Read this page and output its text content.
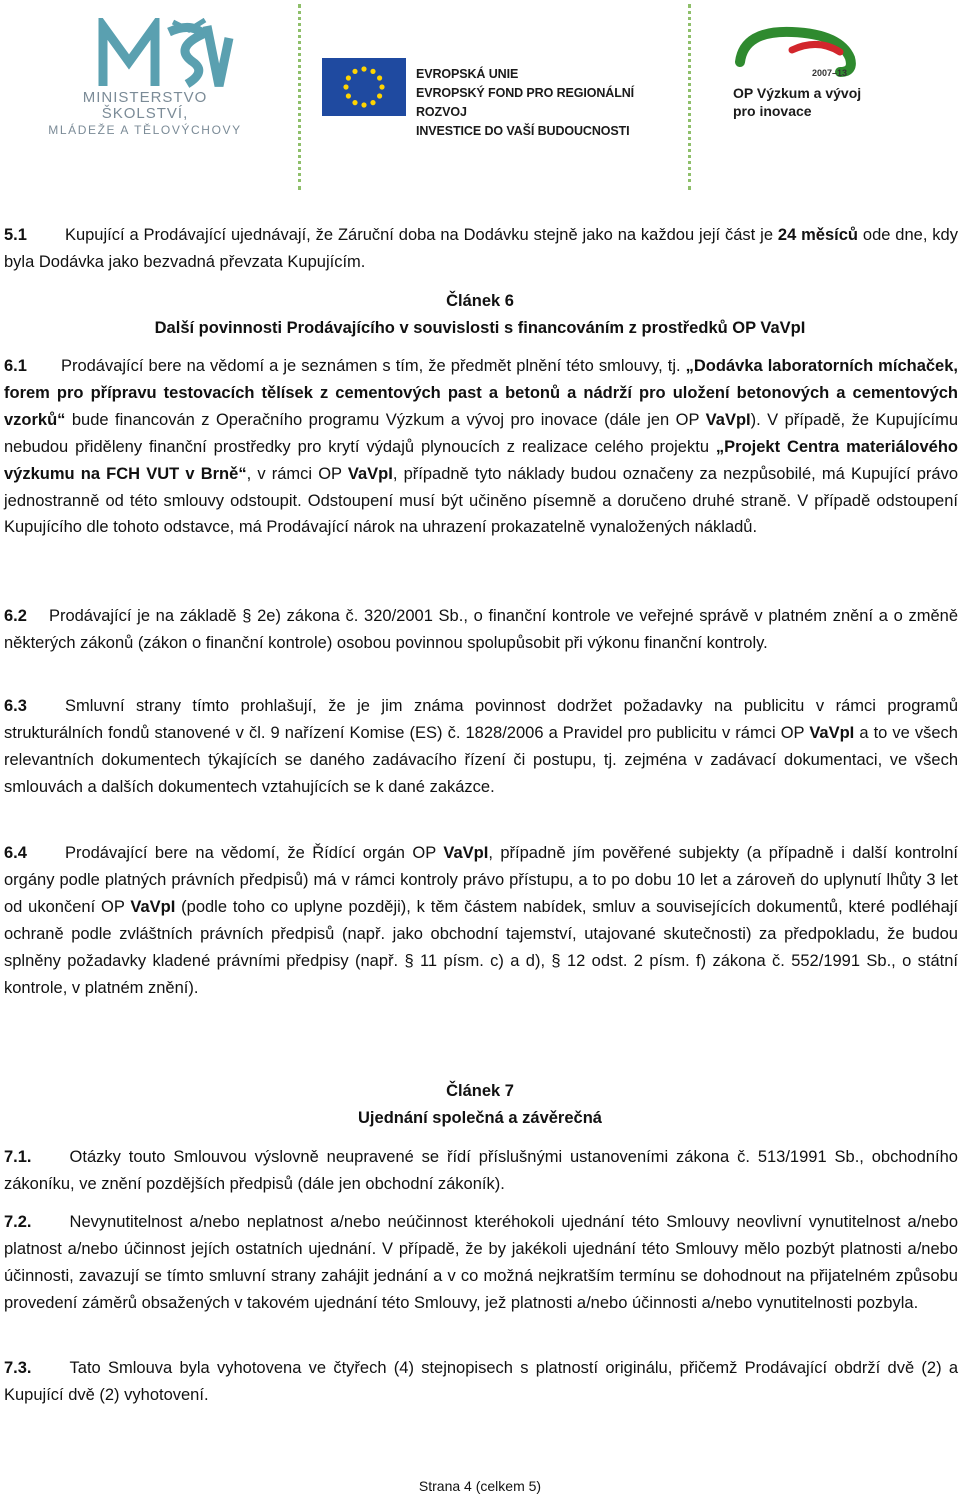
MINISTERSTVO ŠKOLSTVÍ,
MLÁDEŽE A TĚLOVÝCHOVY
EVROPSKÁ UNIE
EVROPSKÝ FOND PRO REGIONÁLNÍ ROZVOJ
INVESTICE DO VAŠÍ BUDOUCNOSTI
2007–13
OP Výzkum a vývoj
pro inovace

5.1 Kupující a Prodávající ujednávají, že Záruční doba na Dodávku stejně jako na každou její část je 24 měsíců ode dne, kdy byla Dodávka jako bezvadná převzata Kupujícím.

Článek 6
Další povinnosti Prodávajícího v souvislosti s financováním z prostředků OP VaVpI

6.1 Prodávající bere na vědomí a je seznámen s tím, že předmět plnění této smlouvy, tj. „Dodávka laboratorních míchaček, forem pro přípravu testovacích tělísek z cementových past a betonů a nádrží pro uložení betonových a cementových vzorků“ bude financován z Operačního programu Výzkum a vývoj pro inovace (dále jen OP VaVpI). V případě, že Kupujícímu nebudou přiděleny finanční prostředky pro krytí výdajů plynoucích z realizace celého projektu „Projekt Centra materiálového výzkumu na FCH VUT v Brně“, v rámci OP VaVpI, případně tyto náklady budou označeny za nezpůsobilé, má Kupující právo jednostranně od této smlouvy odstoupit. Odstoupení musí být učiněno písemně a doručeno druhé straně. V případě odstoupení Kupujícího dle tohoto odstavce, má Prodávající nárok na uhrazení prokazatelně vynaložených nákladů.

6.2 Prodávající je na základě § 2e) zákona č. 320/2001 Sb., o finanční kontrole ve veřejné správě v platném znění a o změně některých zákonů (zákon o finanční kontrole) osobou povinnou spolupůsobit při výkonu finanční kontroly.

6.3 Smluvní strany tímto prohlašují, že je jim známa povinnost dodržet požadavky na publicitu v rámci programů strukturálních fondů stanovené v čl. 9 nařízení Komise (ES) č. 1828/2006 a Pravidel pro publicitu v rámci OP VaVpI a to ve všech relevantních dokumentech týkajících se daného zadávacího řízení či postupu, tj. zejména v zadávací dokumentaci, ve všech smlouvách a dalších dokumentech vztahujících se k dané zakázce.

6.4 Prodávající bere na vědomí, že Řídící orgán OP VaVpI, případně jím pověřené subjekty (a případně i další kontrolní orgány podle platných právních předpisů) má v rámci kontroly právo přístupu, a to po dobu 10 let a zároveň do uplynutí lhůty 3 let od ukončení OP VaVpI (podle toho co uplyne později), k těm částem nabídek, smluv a souvisejících dokumentů, které podléhají ochraně podle zvláštních právních předpisů (např. jako obchodní tajemství, utajované skutečnosti) za předpokladu, že budou splněny požadavky kladené právními předpisy (např. § 11 písm. c) a d), § 12 odst. 2 písm. f) zákona č. 552/1991 Sb., o státní kontrole, v platném znění).

Článek 7
Ujednání společná a závěrečná

7.1. Otázky touto Smlouvou výslovně neupravené se řídí příslušnými ustanoveními zákona č. 513/1991 Sb., obchodního zákoníku, ve znění pozdějších předpisů (dále jen obchodní zákoník).

7.2. Nevynutitelnost a/nebo neplatnost a/nebo neúčinnost kteréhokoli ujednání této Smlouvy neovlivní vynutitelnost a/nebo platnost a/nebo účinnost jejích ostatních ujednání. V případě, že by jakékoli ujednání této Smlouvy mělo pozbýt platnosti a/nebo účinnosti, zavazují se tímto smluvní strany zahájit jednání a v co možná nejkratším termínu se dohodnout na přijatelném způsobu provedení záměrů obsažených v takovém ujednání této Smlouvy, jež platnosti a/nebo účinnosti a/nebo vynutitelnosti pozbyla.

7.3. Tato Smlouva byla vyhotovena ve čtyřech (4) stejnopisech s platností originálu, přičemž Prodávající obdrží dvě (2) a Kupující dvě (2) vyhotovení.

Strana 4 (celkem 5)
